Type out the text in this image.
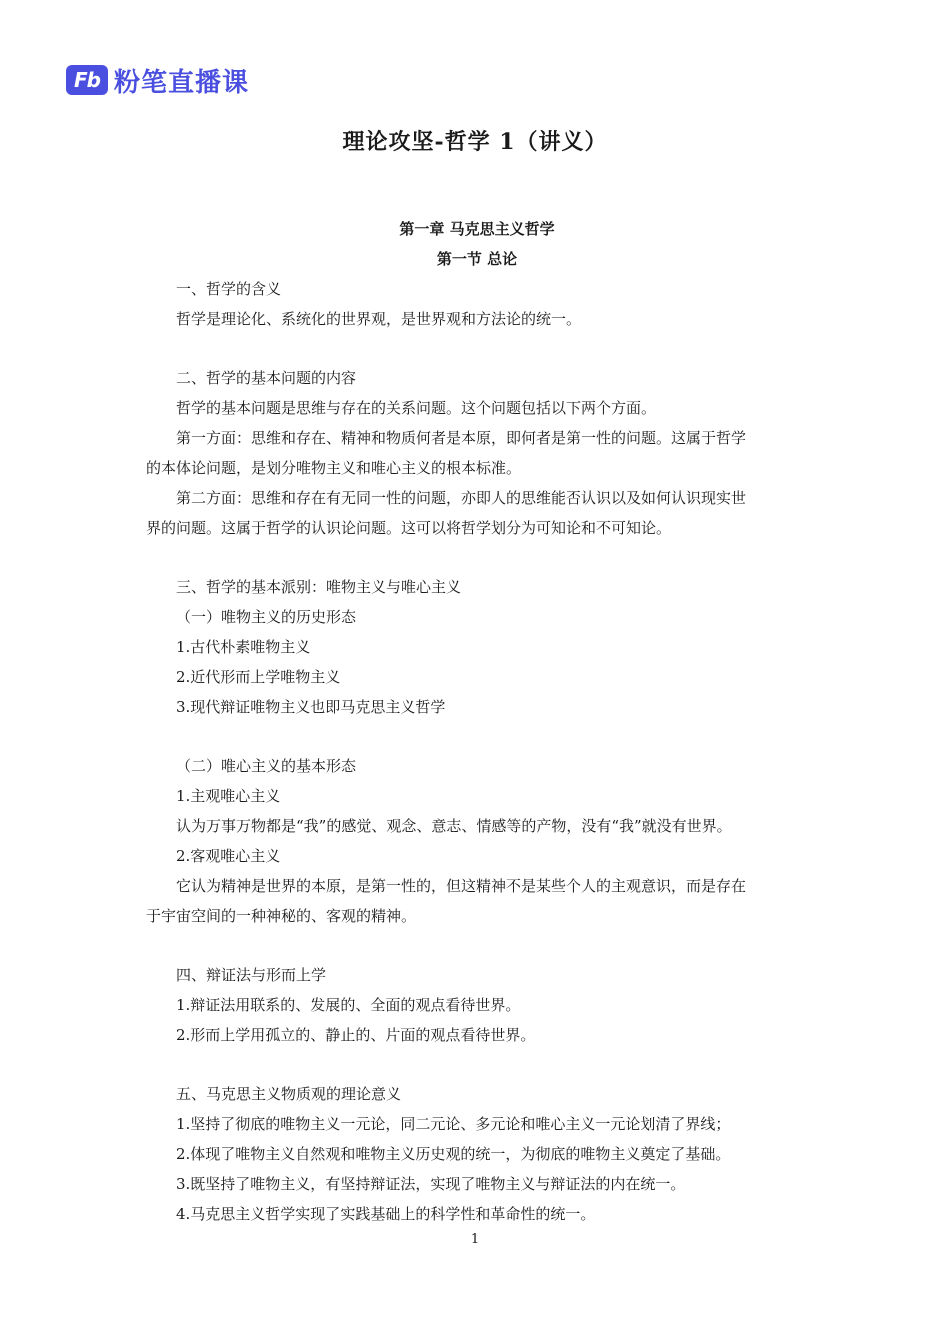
Fb 粉笔直播课
理论攻坚-哲学 1（讲义）
第一章 马克思主义哲学
第一节 总论
一、哲学的含义
哲学是理论化、系统化的世界观，是世界观和方法论的统一。
二、哲学的基本问题的内容
哲学的基本问题是思维与存在的关系问题。这个问题包括以下两个方面。
第一方面：思维和存在、精神和物质何者是本原，即何者是第一性的问题。这属于哲学
的本体论问题，是划分唯物主义和唯心主义的根本标准。
第二方面：思维和存在有无同一性的问题，亦即人的思维能否认识以及如何认识现实世
界的问题。这属于哲学的认识论问题。这可以将哲学划分为可知论和不可知论。
三、哲学的基本派别：唯物主义与唯心主义
（一）唯物主义的历史形态
1.古代朴素唯物主义
2.近代形而上学唯物主义
3.现代辩证唯物主义也即马克思主义哲学
（二）唯心主义的基本形态
1.主观唯心主义
认为万事万物都是“我”的感觉、观念、意志、情感等的产物，没有“我”就没有世界。
2.客观唯心主义
它认为精神是世界的本原，是第一性的，但这精神不是某些个人的主观意识，而是存在
于宇宙空间的一种神秘的、客观的精神。
四、辩证法与形而上学
1.辩证法用联系的、发展的、全面的观点看待世界。
2.形而上学用孤立的、静止的、片面的观点看待世界。
五、马克思主义物质观的理论意义
1.坚持了彻底的唯物主义一元论，同二元论、多元论和唯心主义一元论划清了界线；
2.体现了唯物主义自然观和唯物主义历史观的统一，为彻底的唯物主义奠定了基础。
3.既坚持了唯物主义，有坚持辩证法，实现了唯物主义与辩证法的内在统一。
4.马克思主义哲学实现了实践基础上的科学性和革命性的统一。
1
